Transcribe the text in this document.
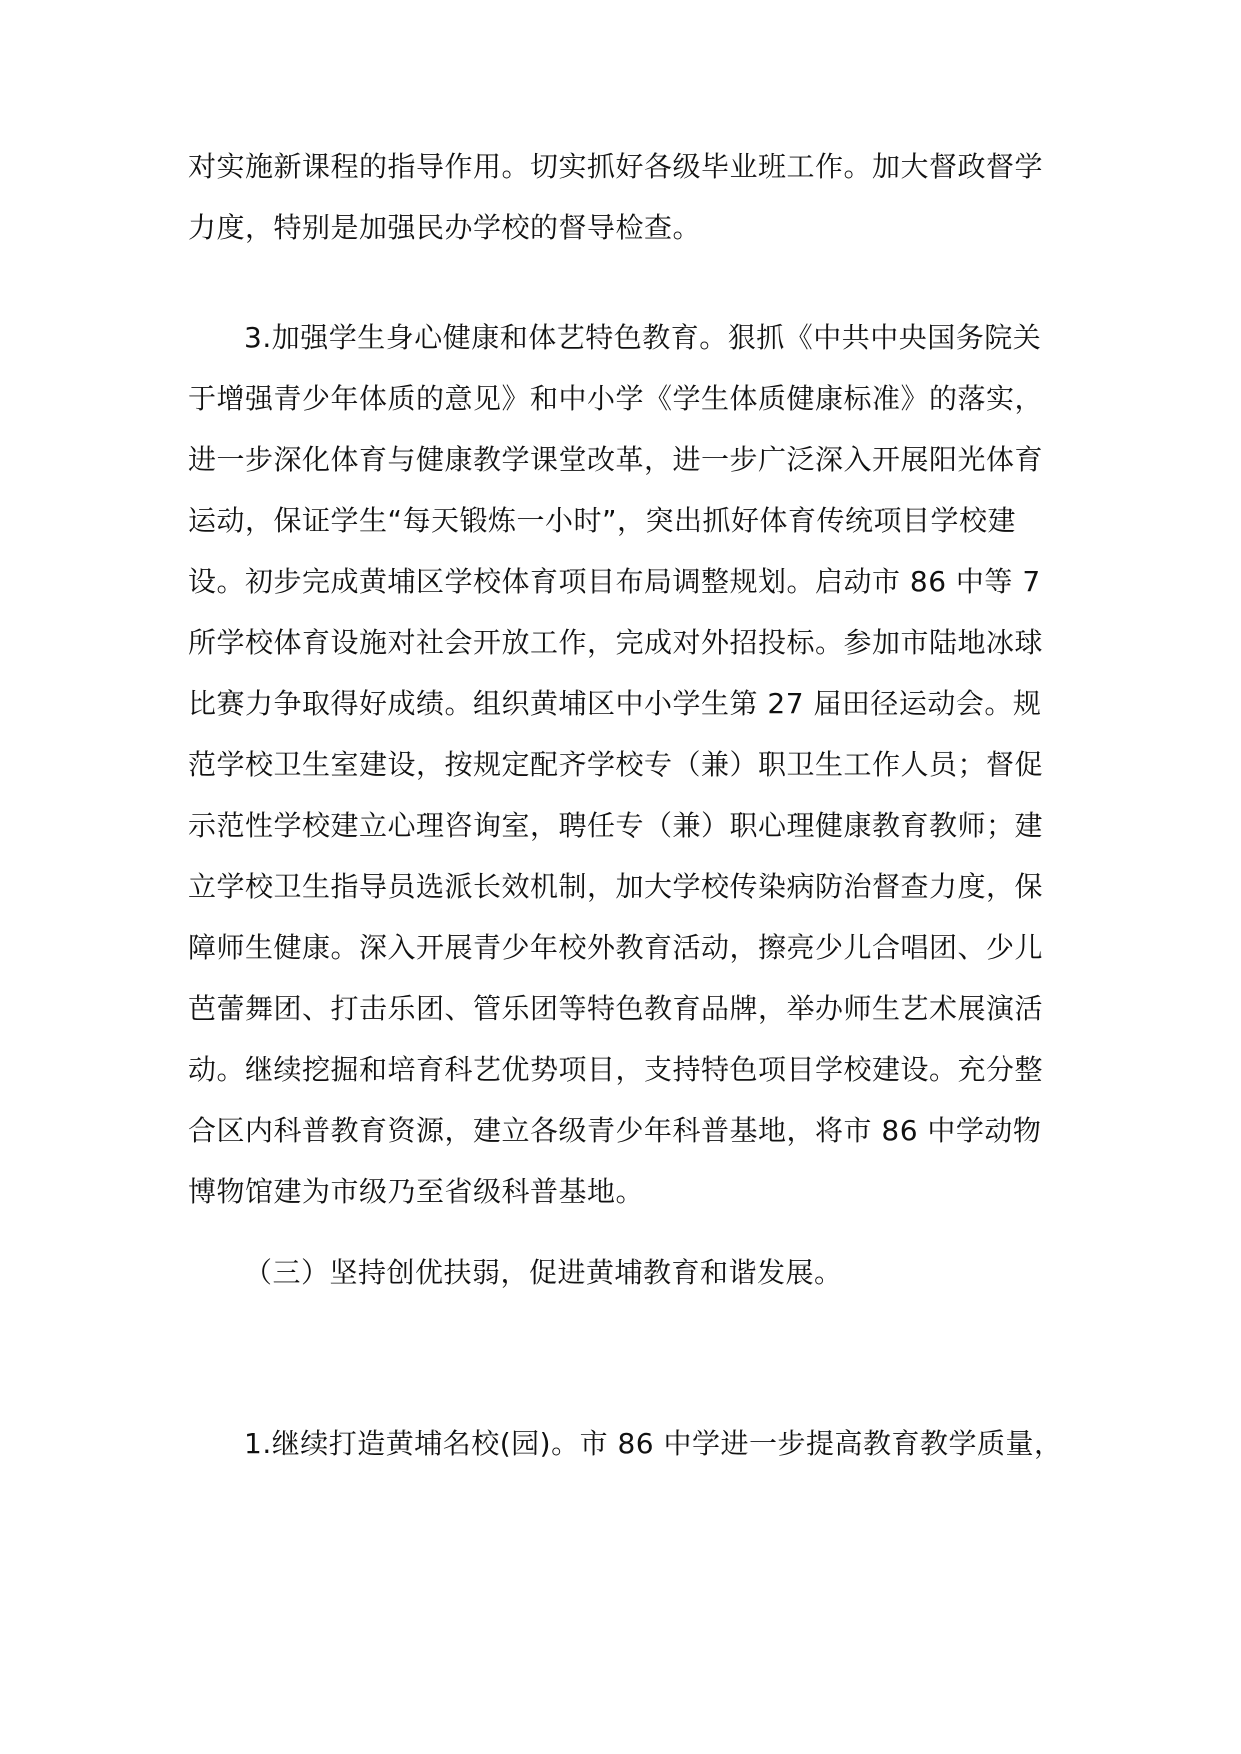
对实施新课程的指导作用。切实抓好各级毕业班工作。加大督政督学
力度，特别是加强民办学校的督导检查。
3.加强学生身心健康和体艺特色教育。狠抓《中共中央国务院关
于增强青少年体质的意见》和中小学《学生体质健康标准》的落实，
进一步深化体育与健康教学课堂改革，进一步广泛深入开展阳光体育
运动，保证学生“每天锻炼一小时”，突出抓好体育传统项目学校建
设。初步完成黄埔区学校体育项目布局调整规划。启动市 86 中等 7
所学校体育设施对社会开放工作，完成对外招投标。参加市陆地冰球
比赛力争取得好成绩。组织黄埔区中小学生第 27 届田径运动会。规
范学校卫生室建设，按规定配齐学校专（兼）职卫生工作人员；督促
示范性学校建立心理咨询室，聘任专（兼）职心理健康教育教师；建
立学校卫生指导员选派长效机制，加大学校传染病防治督查力度，保
障师生健康。深入开展青少年校外教育活动，擦亮少儿合唱团、少儿
芭蕾舞团、打击乐团、管乐团等特色教育品牌，举办师生艺术展演活
动。继续挖掘和培育科艺优势项目，支持特色项目学校建设。充分整
合区内科普教育资源，建立各级青少年科普基地，将市 86 中学动物
博物馆建为市级乃至省级科普基地。
（三）坚持创优扶弱，促进黄埔教育和谐发展。
1.继续打造黄埔名校(园)。市 86 中学进一步提高教育教学质量，
